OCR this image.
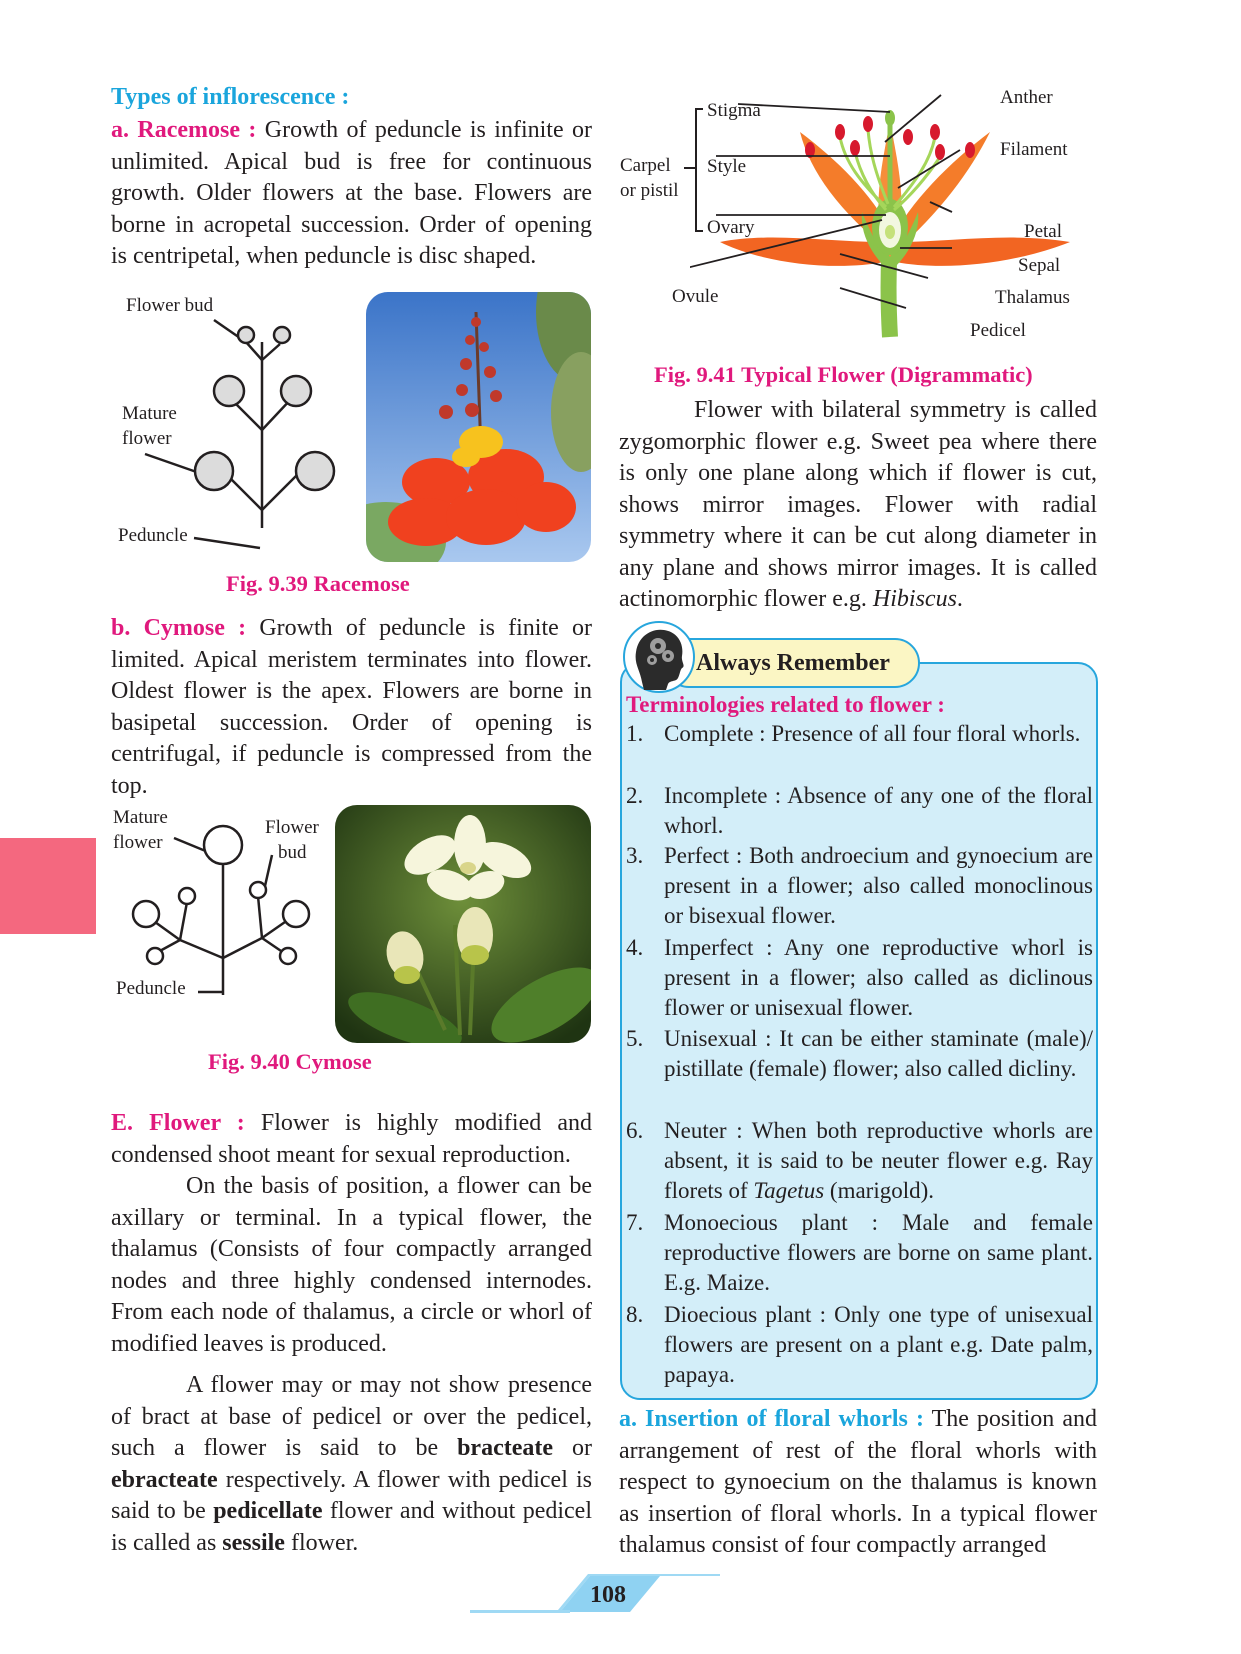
Types of inflorescence :
a. Racemose : Growth of peduncle is infinite or unlimited. Apical bud is free for continuous growth. Older flowers at the base. Flowers are borne in acropetal succession. Order of opening is centripetal, when peduncle is disc shaped.
Flower bud
Mature
flower
Peduncle
Fig. 9.39 Racemose
b. Cymose : Growth of peduncle is finite or limited. Apical meristem terminates into flower. Oldest flower is the apex. Flowers are borne in basipetal succession. Order of opening is centrifugal, if peduncle is compressed from the top.
Mature
flower
Flower
bud
Peduncle
Fig. 9.40 Cymose
E. Flower : Flower is highly modified and condensed shoot meant for sexual reproduction.
On the basis of position, a flower can be axillary or terminal. In a typical flower, the thalamus (Consists of four compactly arranged nodes and three highly condensed internodes. From each node of thalamus, a circle or whorl of modified leaves is produced.
A flower may or may not show presence of bract at base of pedicel or over the pedicel, such a flower is said to be bracteate or ebracteate respectively. A flower with pedicel is said to be pedicellate flower and without pedicel is called as sessile flower.
Stigma
Style
Ovary
Carpel
or pistil
Ovule
Anther
Filament
Petal
Sepal
Thalamus
Pedicel
Fig. 9.41 Typical Flower (Digrammatic)
Flower with bilateral symmetry is called zygomorphic flower e.g. Sweet pea where there is only one plane along which if flower is cut, shows mirror images. Flower with radial symmetry where it can be cut along diameter in any plane and shows mirror images. It is called actinomorphic flower e.g. Hibiscus.
Always Remember
Terminologies related to flower :
1. Complete : Presence of all four floral whorls.
2. Incomplete : Absence of any one of the floral whorl.
3. Perfect : Both androecium and gynoecium are present in a flower; also called monoclinous or bisexual flower.
4. Imperfect : Any one reproductive whorl is present in a flower; also called as diclinous flower or unisexual flower.
5. Unisexual : It can be either staminate (male)/ pistillate (female) flower; also called dicliny.
6. Neuter : When both reproductive whorls are absent, it is said to be neuter flower e.g. Ray florets of Tagetus (marigold).
7. Monoecious plant : Male and female reproductive flowers are borne on same plant. E.g. Maize.
8. Dioecious plant : Only one type of unisexual flowers are present on a plant e.g. Date palm, papaya.
a. Insertion of floral whorls : The position and arrangement of rest of the floral whorls with respect to gynoecium on the thalamus is known as insertion of floral whorls. In a typical flower thalamus consist of four compactly arranged
108
